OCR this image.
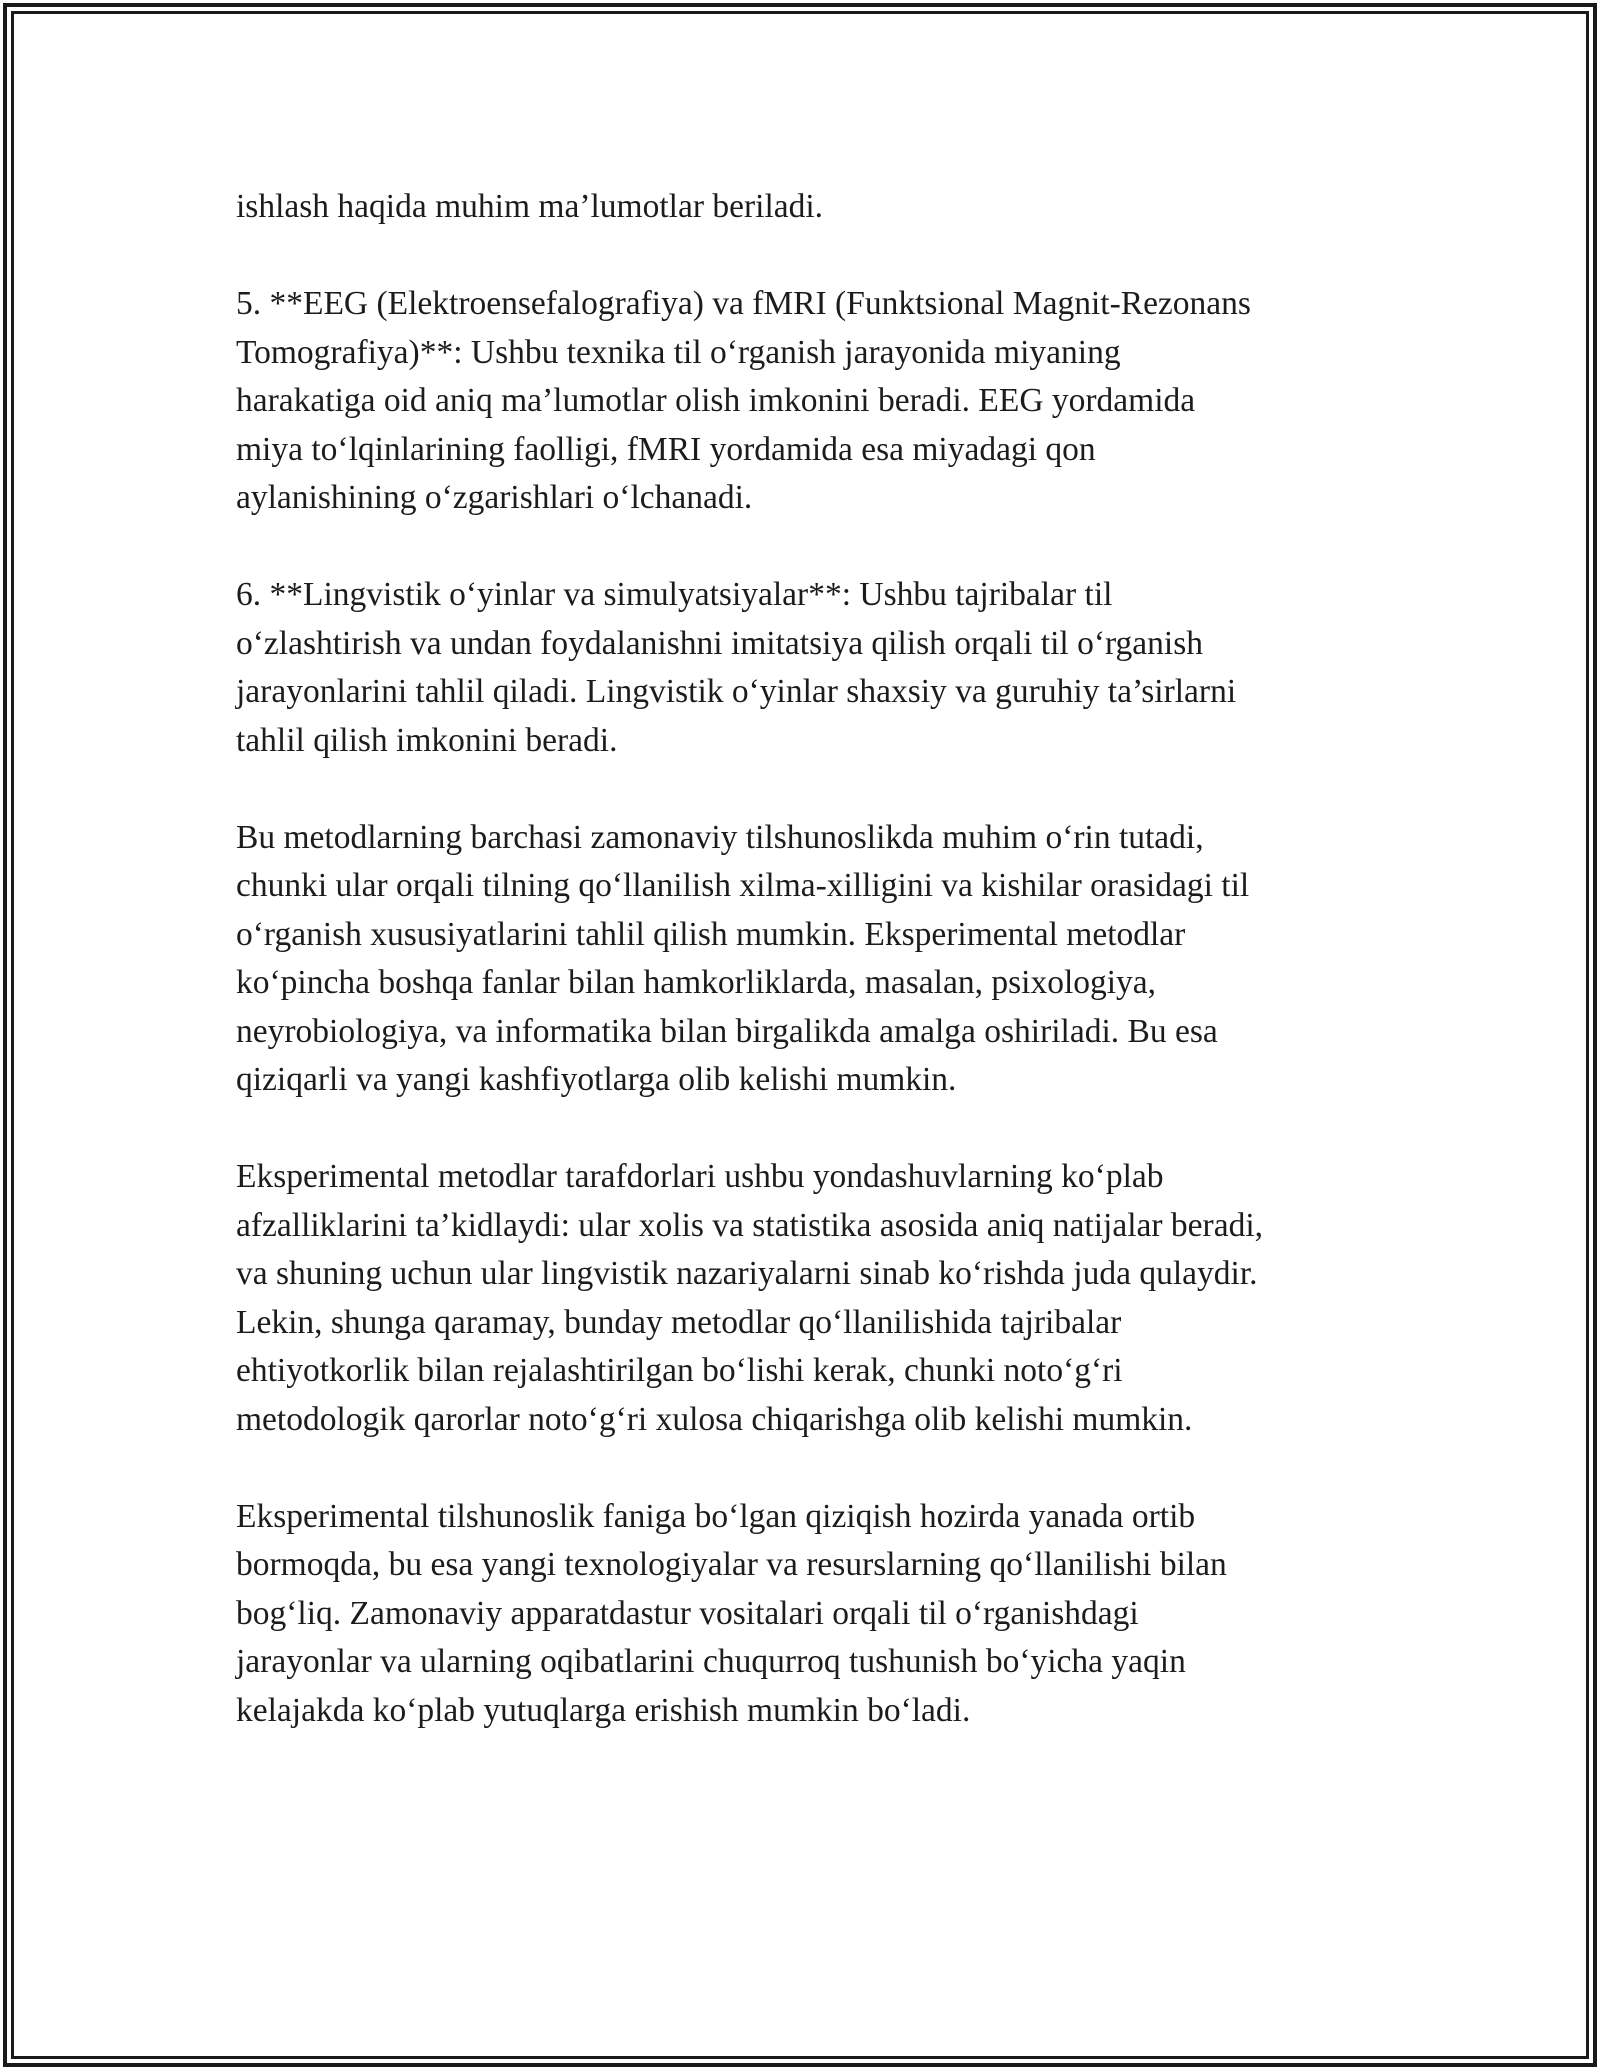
ishlash haqida muhim ma’lumotlar beriladi.

5. **EEG (Elektroensefalografiya) va fMRI (Funktsional Magnit-Rezonans
Tomografiya)**: Ushbu texnika til o‘rganish jarayonida miyaning
harakatiga oid aniq ma’lumotlar olish imkonini beradi. EEG yordamida
miya to‘lqinlarining faolligi, fMRI yordamida esa miyadagi qon
aylanishining o‘zgarishlari o‘lchanadi.

6. **Lingvistik o‘yinlar va simulyatsiyalar**: Ushbu tajribalar til
o‘zlashtirish va undan foydalanishni imitatsiya qilish orqali til o‘rganish
jarayonlarini tahlil qiladi. Lingvistik o‘yinlar shaxsiy va guruhiy ta’sirlarni
tahlil qilish imkonini beradi.

Bu metodlarning barchasi zamonaviy tilshunoslikda muhim o‘rin tutadi,
chunki ular orqali tilning qo‘llanilish xilma-xilligini va kishilar orasidagi til
o‘rganish xususiyatlarini tahlil qilish mumkin. Eksperimental metodlar
ko‘pincha boshqa fanlar bilan hamkorliklarda, masalan, psixologiya,
neyrobiologiya, va informatika bilan birgalikda amalga oshiriladi. Bu esa
qiziqarli va yangi kashfiyotlarga olib kelishi mumkin.

Eksperimental metodlar tarafdorlari ushbu yondashuvlarning ko‘plab
afzalliklarini ta’kidlaydi: ular xolis va statistika asosida aniq natijalar beradi,
va shuning uchun ular lingvistik nazariyalarni sinab ko‘rishda juda qulaydir.
Lekin, shunga qaramay, bunday metodlar qo‘llanilishida tajribalar
ehtiyotkorlik bilan rejalashtirilgan bo‘lishi kerak, chunki noto‘g‘ri
metodologik qarorlar noto‘g‘ri xulosa chiqarishga olib kelishi mumkin.

Eksperimental tilshunoslik faniga bo‘lgan qiziqish hozirda yanada ortib
bormoqda, bu esa yangi texnologiyalar va resurslarning qo‘llanilishi bilan
bog‘liq. Zamonaviy apparatdastur vositalari orqali til o‘rganishdagi
jarayonlar va ularning oqibatlarini chuqurroq tushunish bo‘yicha yaqin
kelajakda ko‘plab yutuqlarga erishish mumkin bo‘ladi.
